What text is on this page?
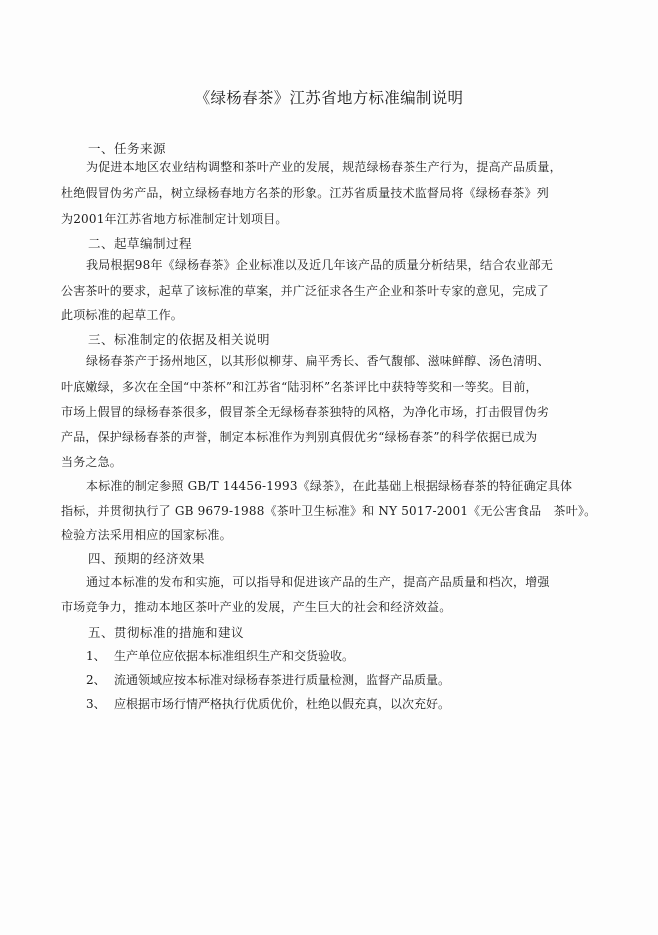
《绿杨春茶》江苏省地方标准编制说明
一、任务来源
为促进本地区农业结构调整和茶叶产业的发展，规范绿杨春茶生产行为，提高产品质量，
杜绝假冒伪劣产品，树立绿杨春地方名茶的形象。江苏省质量技术监督局将《绿杨春茶》列
为2001年江苏省地方标准制定计划项目。
二、起草编制过程
我局根据98年《绿杨春茶》企业标准以及近几年该产品的质量分析结果，结合农业部无
公害茶叶的要求，起草了该标准的草案，并广泛征求各生产企业和茶叶专家的意见，完成了
此项标准的起草工作。
三、标准制定的依据及相关说明
绿杨春茶产于扬州地区，以其形似柳芽、扁平秀长、香气馥郁、滋味鲜醇、汤色清明、
叶底嫩绿，多次在全国“中茶杯”和江苏省“陆羽杯”名茶评比中获特等奖和一等奖。目前，
市场上假冒的绿杨春茶很多，假冒茶全无绿杨春茶独特的风格，为净化市场，打击假冒伪劣
产品，保护绿杨春茶的声誉，制定本标准作为判别真假优劣“绿杨春茶”的科学依据已成为
当务之急。
本标准的制定参照 GB/T 14456-1993《绿茶》，在此基础上根据绿杨春茶的特征确定具体
指标，并贯彻执行了 GB 9679-1988《茶叶卫生标准》和 NY 5017-2001《无公害食品　茶叶》。
检验方法采用相应的国家标准。
四、预期的经济效果
通过本标准的发布和实施，可以指导和促进该产品的生产，提高产品质量和档次，增强
市场竞争力，推动本地区茶叶产业的发展，产生巨大的社会和经济效益。
五、贯彻标准的措施和建议
1、 生产单位应依据本标准组织生产和交货验收。
2、 流通领域应按本标准对绿杨春茶进行质量检测，监督产品质量。
3、 应根据市场行情严格执行优质优价，杜绝以假充真，以次充好。
